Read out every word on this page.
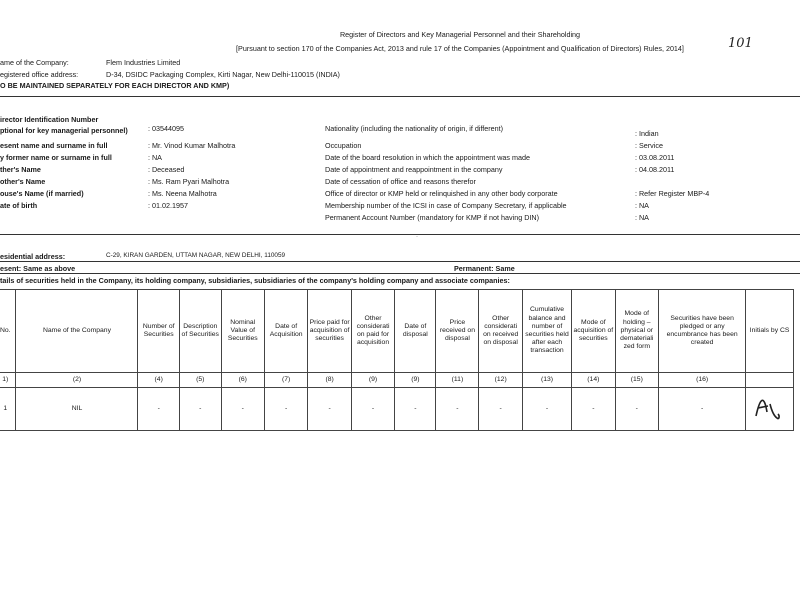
Register of Directors and Key Managerial Personnel and their Shareholding
[Pursuant to section 170 of the Companies Act, 2013 and rule 17 of the Companies (Appointment and Qualification of Directors) Rules, 2014]	101
ame of the Company:	Flem Industries Limited
egistered office address:	D-34, DSIDC Packaging Complex, Kirti Nagar, New Delhi-110015 (INDIA)
O BE MAINTAINED SEPARATELY FOR EACH DIRECTOR AND KMP)
irector Identification Number
ptional for key managerial personnel)	: 03544095
esent name and surname in full	: Mr. Vinod Kumar Malhotra
y former name or surname in full	: NA
ther's Name	: Deceased
other's Name	: Ms. Ram Pyari Malhotra
ouse's Name (if married)	: Ms. Neena Malhotra
ate of birth	: 01.02.1957
Nationality (including the nationality of origin, if different)
: Indian
Occupation	: Service
Date of the board resolution in which the appointment was made	: 03.08.2011
Date of appointment and reappointment in the company	: 04.08.2011
Date of cessation of office and reasons therefor
Office of director or KMP held or relinquished in any other body corporate	: Refer Register MBP-4
Membership number of the ICSI in case of Company Secretary, if applicable	: NA
Permanent Account Number (mandatory for KMP if not having DIN)	: NA
esidential address:	C-29, KIRAN GARDEN, UTTAM NAGAR, NEW DELHI, 110059
esent: Same as above	Permanent: Same
tails of securities held in the Company, its holding company, subsidiaries, subsidiaries of the company's holding company and associate companies:
No.	Name of the Company	Number of Securities	Description of Securities	Nominal Value of Securities	Date of Acquisition	Price paid for acquisition of securities	Other considerati on paid for acquisition	Date of disposal	Price received on disposal	Other considerati on received on disposal	Cumulative balance and number of securities held after each transaction	Mode of acquisition of securities	Mode of holding – physical or demateriali zed form	Securities have been pledged or any encumbrance has been created	Initials by CS
1)	(2)	(4)	(5)	(6)	(7)	(8)	(9)	(9)	(11)	(12)	(13)	(14)	(15)	(16)	
1	NIL	-	-	-	-	-	-	-	-	-	-	-	-	-	
·
